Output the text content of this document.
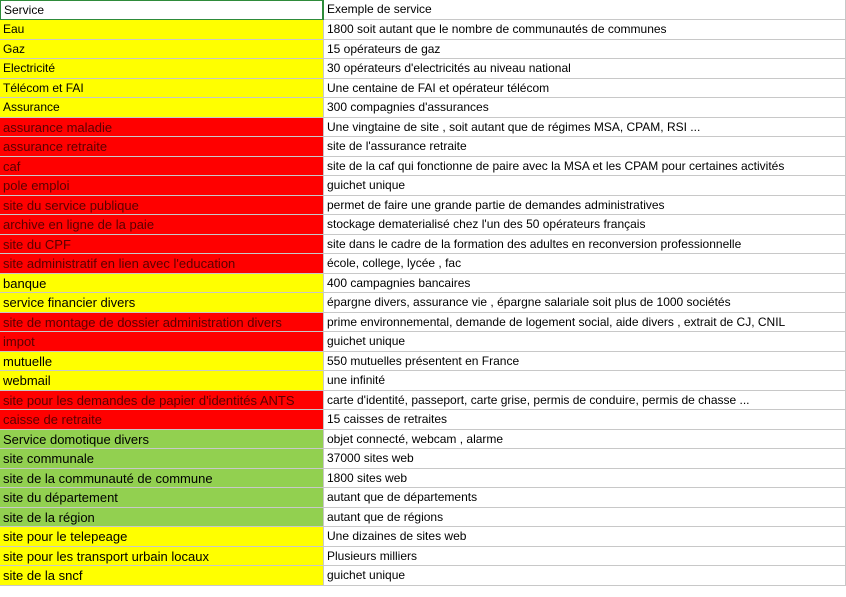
Service	Exemple de service
Eau	1800 soit autant que le nombre de communautés de communes
Gaz	15 opérateurs de gaz
Electricité	30 opérateurs d'electricités au niveau national
Télécom et FAI	Une centaine de FAI et opérateur télécom
Assurance	300 compagnies d'assurances
assurance maladie	Une vingtaine de site , soit autant que de régimes MSA, CPAM, RSI ...
assurance retraite	site de l'assurance retraite
caf	site de la caf qui fonctionne de paire avec la MSA et les CPAM pour certaines activités
pole emploi	guichet unique
site du service publique	permet de faire une grande partie de demandes administratives
archive en ligne de la paie	stockage dematerialisé chez l'un des 50 opérateurs français
site du CPF	site dans le cadre de la formation des adultes en reconversion professionnelle
site administratif en lien avec l'education	école, college, lycée , fac
banque	400 campagnies bancaires
service financier divers	épargne divers, assurance vie , épargne salariale soit plus de 1000 sociétés
site de montage de dossier administration divers	prime environnemental, demande de logement social, aide divers , extrait de CJ, CNIL
impot	guichet unique
mutuelle	550 mutuelles présentent en France
webmail	une infinité
site pour les demandes de papier d'identités ANTS	carte d'identité, passeport, carte grise, permis de conduire, permis de chasse ...
caisse de retraite	15 caisses de retraites
Service domotique divers	objet connecté, webcam , alarme
site communale	37000 sites web
site de la communauté de commune	1800 sites web
site du département	autant que de départements
site de la région	autant que de régions
site pour le telepeage	Une dizaines de sites web
site pour les transport urbain locaux	Plusieurs milliers
site de la sncf	guichet unique
